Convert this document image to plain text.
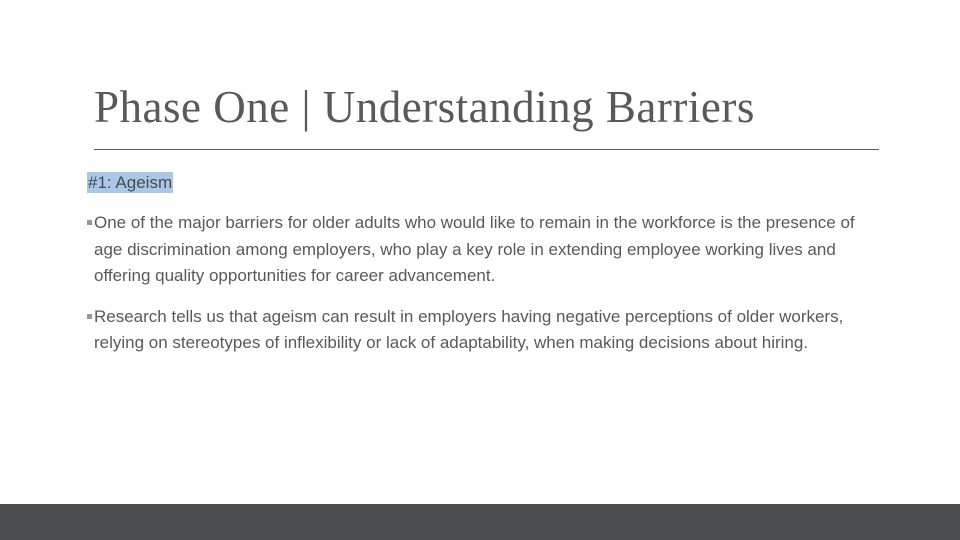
Phase One | Understanding Barriers
#1: Ageism
One of the major barriers for older adults who would like to remain in the workforce is the presence of age discrimination among employers, who play a key role in extending employee working lives and offering quality opportunities for career advancement.
Research tells us that ageism can result in employers having negative perceptions of older workers, relying on stereotypes of inflexibility or lack of adaptability, when making decisions about hiring.
